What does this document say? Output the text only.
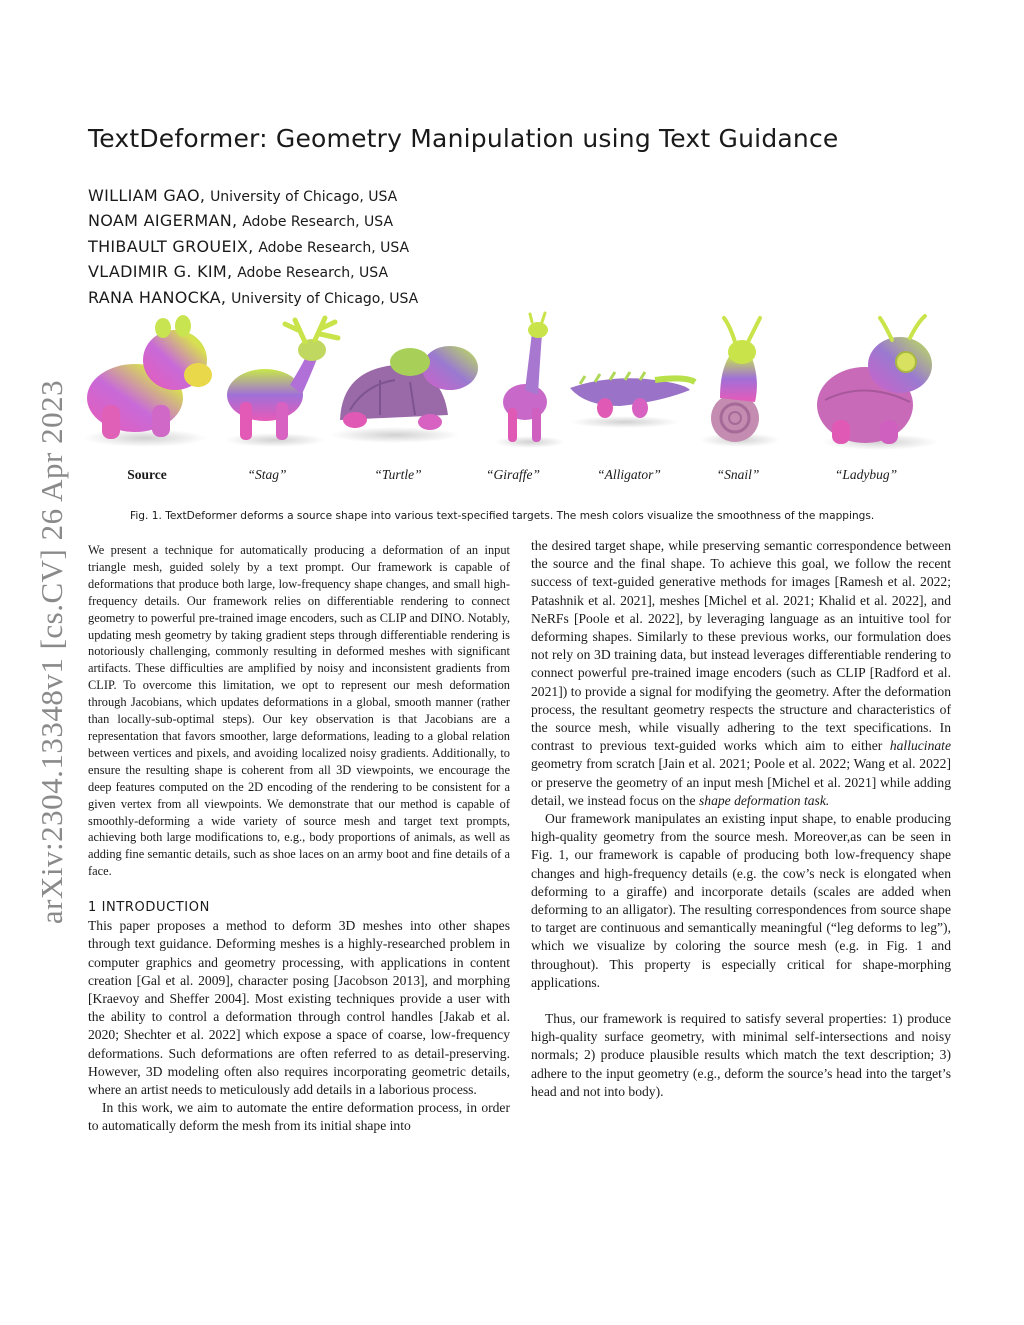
TextDeformer: Geometry Manipulation using Text Guidance
WILLIAM GAO, University of Chicago, USA
NOAM AIGERMAN, Adobe Research, USA
THIBAULT GROUEIX, Adobe Research, USA
VLADIMIR G. KIM, Adobe Research, USA
RANA HANOCKA, University of Chicago, USA
arXiv:2304.13348v1 [cs.CV] 26 Apr 2023	Source	“Stag”	“Turtle”	“Giraffe”	“Alligator”	“Snail”	“Ladybug”
Fig. 1. TextDeformer deforms a source shape into various text-specified targets. The mesh colors visualize the smoothness of the mappings.

We present a technique for automatically producing a deformation of an input triangle mesh, guided solely by a text prompt. Our framework is capable of deformations that produce both large, low-frequency shape changes, and small high-frequency details. Our framework relies on differentiable rendering to connect geometry to powerful pre-trained image encoders, such as CLIP and DINO. Notably, updating mesh geometry by taking gradient steps through differentiable rendering is notoriously challenging, commonly resulting in deformed meshes with significant artifacts. These difficulties are amplified by noisy and inconsistent gradients from CLIP. To overcome this limitation, we opt to represent our mesh deformation through Jacobians, which updates deformations in a global, smooth manner (rather than locally-sub-optimal steps). Our key observation is that Jacobians are a representation that favors smoother, large deformations, leading to a global relation between vertices and pixels, and avoiding localized noisy gradients. Additionally, to ensure the resulting shape is coherent from all 3D viewpoints, we encourage the deep features computed on the 2D encoding of the rendering to be consistent for a given vertex from all viewpoints. We demonstrate that our method is capable of smoothly-deforming a wide variety of source mesh and target text prompts, achieving both large modifications to, e.g., body proportions of animals, as well as adding fine semantic details, such as shoe laces on an army boot and fine details of a face.

1 INTRODUCTION

This paper proposes a method to deform 3D meshes into other shapes through text guidance. Deforming meshes is a highly-researched problem in computer graphics and geometry processing, with applications in content creation [Gal et al. 2009], character posing [Jacobson 2013], and morphing [Kraevoy and Sheffer 2004]. Most existing techniques provide a user with the ability to control a deformation through control handles [Jakab et al. 2020; Shechter et al. 2022] which expose a space of coarse, low-frequency deformations. Such deformations are often referred to as detail-preserving. However, 3D modeling often also requires incorporating geometric details, where an artist needs to meticulously add details in a laborious process.

In this work, we aim to automate the entire deformation process, in order to automatically deform the mesh from its initial shape into

the desired target shape, while preserving semantic correspondence between the source and the final shape. To achieve this goal, we follow the recent success of text-guided generative methods for images [Ramesh et al. 2022; Patashnik et al. 2021], meshes [Michel et al. 2021; Khalid et al. 2022], and NeRFs [Poole et al. 2022], by leveraging language as an intuitive tool for deforming shapes. Similarly to these previous works, our formulation does not rely on 3D training data, but instead leverages differentiable rendering to connect powerful pre-trained image encoders (such as CLIP [Radford et al. 2021]) to provide a signal for modifying the geometry. After the deformation process, the resultant geometry respects the structure and characteristics of the source mesh, while visually adhering to the text specifications. In contrast to previous text-guided works which aim to either hallucinate geometry from scratch [Jain et al. 2021; Poole et al. 2022; Wang et al. 2022] or preserve the geometry of an input mesh [Michel et al. 2021] while adding detail, we instead focus on the shape deformation task.

Our framework manipulates an existing input shape, to enable producing high-quality geometry from the source mesh. Moreover,as can be seen in Fig. 1, our framework is capable of producing both low-frequency shape changes and high-frequency details (e.g. the cow’s neck is elongated when deforming to a giraffe) and incorporate details (scales are added when deforming to an alligator). The resulting correspondences from source shape to target are continuous and semantically meaningful (“leg deforms to leg”), which we visualize by coloring the source mesh (e.g. in Fig. 1 and throughout). This property is especially critical for shape-morphing applications.

Thus, our framework is required to satisfy several properties: 1) produce high-quality surface geometry, with minimal self-intersections and noisy normals; 2) produce plausible results which match the text description; 3) adhere to the input geometry (e.g., deform the source’s head into the target’s head and not into body).
